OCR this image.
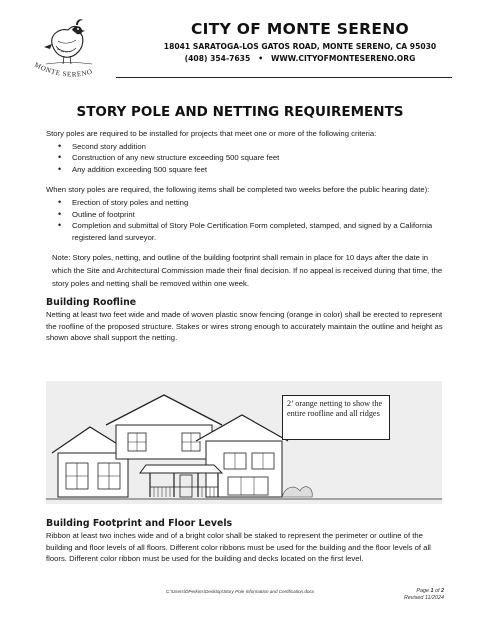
MONTE SERENO
CITY OF MONTE SERENO
18041 SARATOGA-LOS GATOS ROAD, MONTE SERENO, CA 95030
(408) 354-7635 • WWW.CITYOFMONTESERENO.ORG
STORY POLE AND NETTING REQUIREMENTS

Story poles are required to be installed for projects that meet one or more of the following criteria:

• Second story addition
• Construction of any new structure exceeding 500 square feet
• Any addition exceeding 500 square feet

When story poles are required, the following items shall be completed two weeks before the public hearing date):

• Erection of story poles and netting
• Outline of footprint
• Completion and submittal of Story Pole Certification Form completed, stamped, and signed by a California registered land surveyor.

Note: Story poles, netting, and outline of the building footprint shall remain in place for 10 days after the date in which the Site and Architectural Commission made their final decision. If no appeal is received during that time, the story poles and netting shall be removed within one week.

Building Roofline

Netting at least two feet wide and made of woven plastic snow fencing (orange in color) shall be erected to represent the roofline of the proposed structure. Stakes or wires strong enough to accurately maintain the outline and height as shown above shall support the netting.

2’ orange netting to show the entire roofline and all ridges
Building Footprint and Floor Levels

Ribbon at least two inches wide and of a bright color shall be staked to represent the perimeter or outline of the building and floor levels of all floors. Different color ribbons must be used for the building and the floor levels of all floors. Different color ribbon must be used for the building and decks located on the first level.

C:\Users\DPerkins\Desktop\Story Pole Information and Certification.docx	Page 1 of 2
Revised 11/2024
